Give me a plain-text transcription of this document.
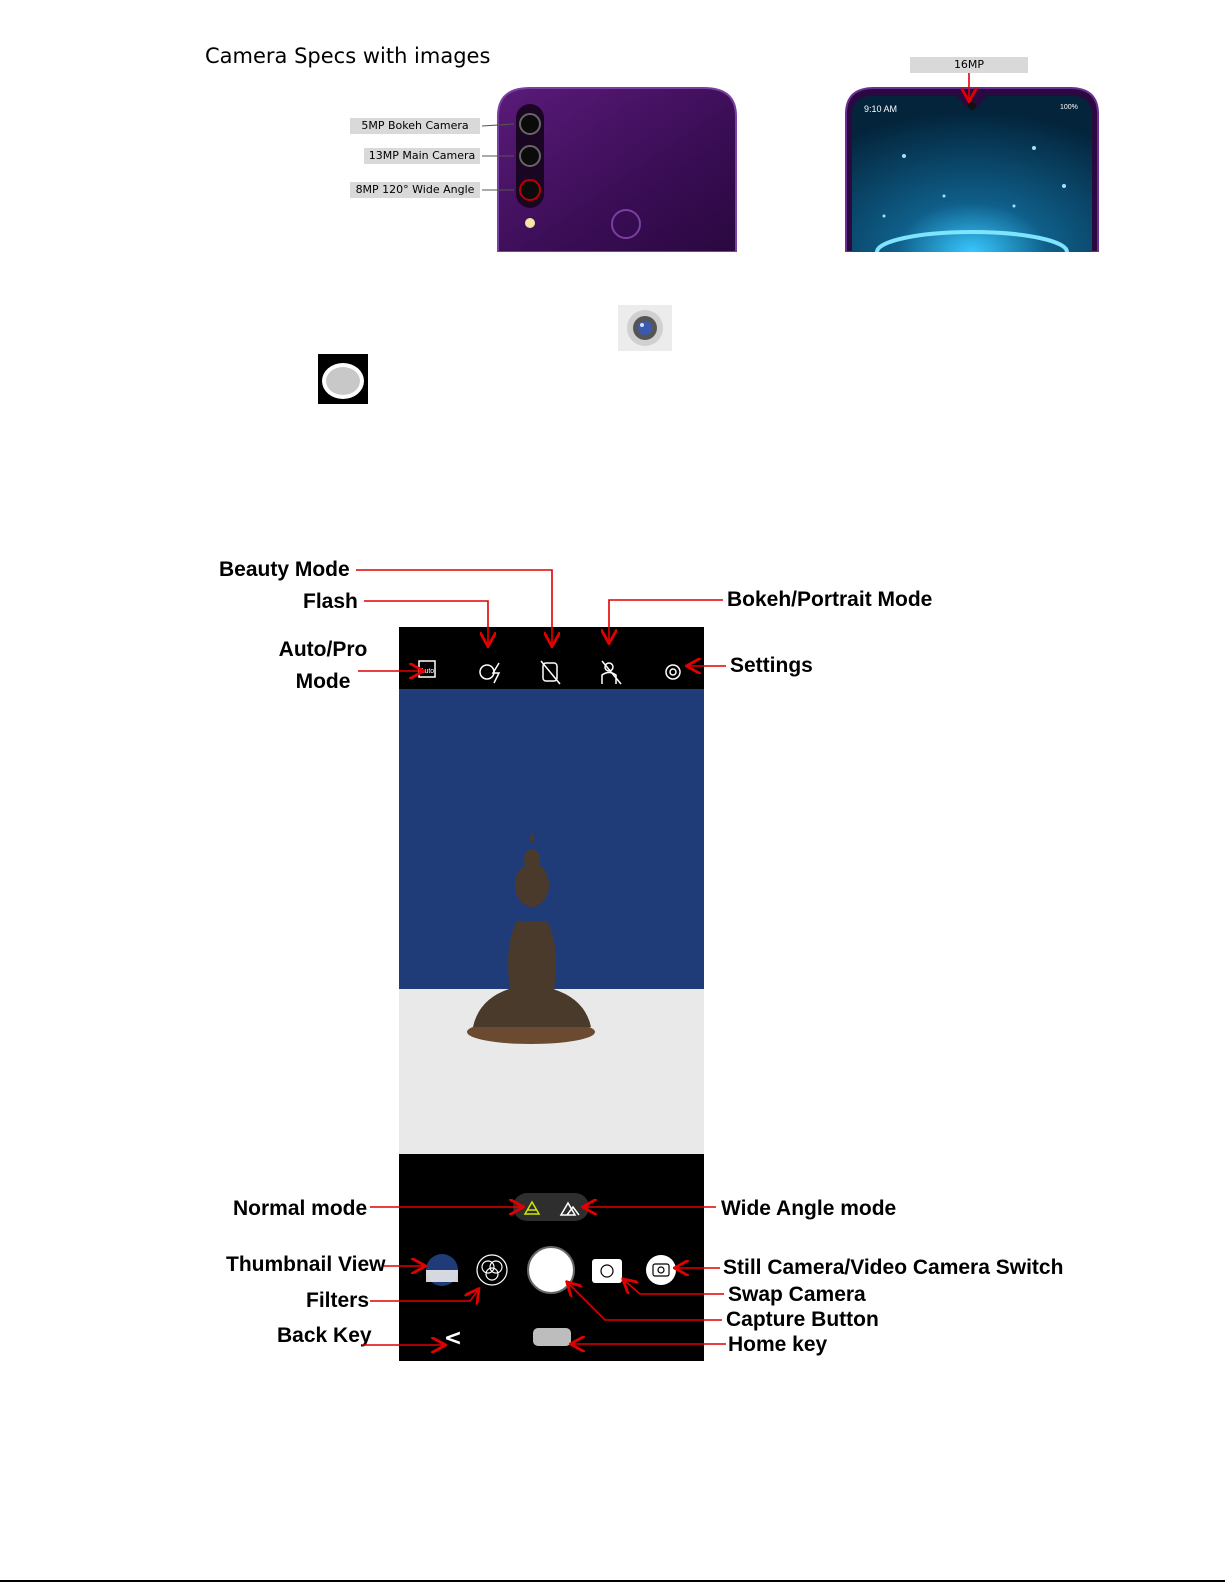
Camera Specs with images
5MP Bokeh Camera
13MP Main Camera
8MP 120° Wide Angle
9:10 AM	100%
16MP
Auto
<
Beauty Mode
Flash	Bokeh/Portrait Mode
Auto/Pro
Mode
Settings
Normal mode	Wide Angle mode
Thumbnail View	Still Camera/Video Camera Switch
Filters	Swap Camera
Capture Button
Back Key	Home key
